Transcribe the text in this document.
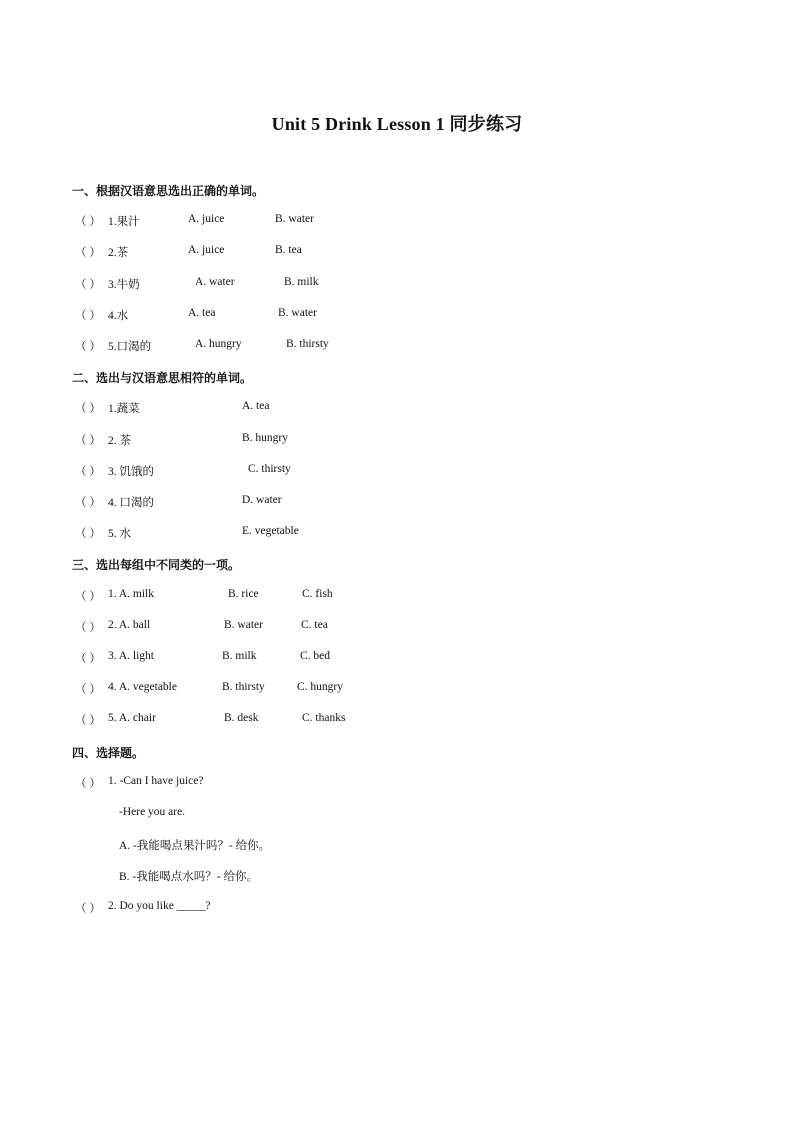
Unit 5 Drink Lesson 1 同步练习
一、根据汉语意思选出正确的单词。
（ ） 1.果汁	A. juice	B. water
（ ） 2.茶	A. juice	B. tea
（ ） 3.牛奶	A. water	B. milk
（ ） 4.水	A. tea	B. water
（ ） 5.口渴的	A. hungry	B. thirsty
二、选出与汉语意思相符的单词。
（ ） 1.蔬菜	A. tea
（ ） 2. 茶	B. hungry
（ ） 3. 饥饿的	C. thirsty
（ ） 4. 口渴的	D. water
（ ） 5. 水	E. vegetable
三、选出每组中不同类的一项。
（ ） 1. A. milk	B. rice	C. fish
（ ） 2. A. ball	B. water	C. tea
（ ） 3. A. light	B. milk	C. bed
（ ） 4. A. vegetable	B. thirsty	C. hungry
（ ） 5. A. chair	B. desk	C. thanks
四、选择题。
（ ） 1. -Can I have juice?
-Here you are.
A. -我能喝点果汁吗？- 给你。
B. -我能喝点水吗？- 给你。
（ ） 2. Do you like _____?
